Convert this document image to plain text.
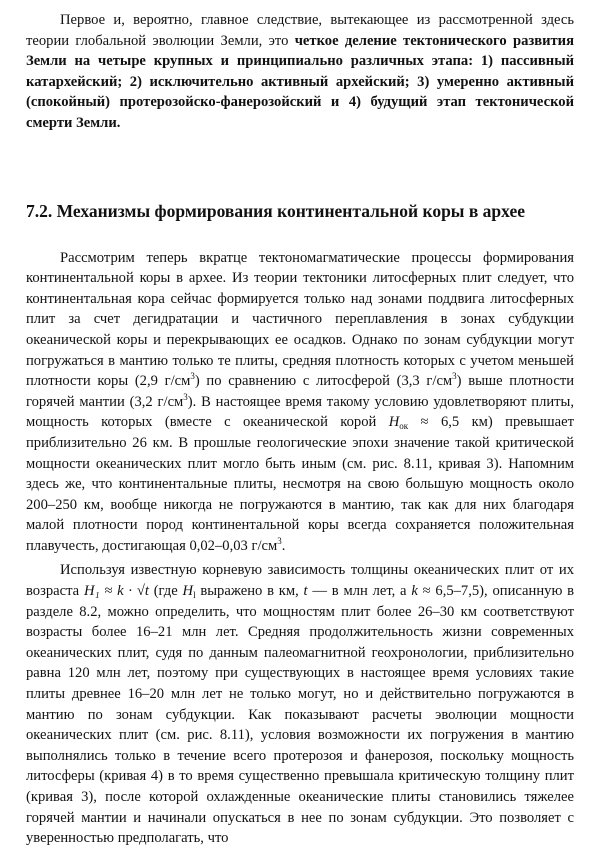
Первое и, вероятно, главное следствие, вытекающее из рассмотренной здесь теории глобальной эволюции Земли, это четкое деление тектонического развития Земли на четыре крупных и принципиально различных этапа: 1) пассивный катархейский; 2) исключительно активный архейский; 3) умеренно активный (спокойный) протерозойско-фанерозойский и 4) будущий этап тектонической смерти Земли.

7.2. Механизмы формирования континентальной коры в архее

Рассмотрим теперь вкратце тектономагматические процессы формирования континентальной коры в архее. Из теории тектоники литосферных плит следует, что континентальная кора сейчас формируется только над зонами поддвига литосферных плит за счет дегидратации и частичного переплавления в зонах субдукции океанической коры и перекрывающих ее осадков. Однако по зонам субдукции могут погружаться в мантию только те плиты, средняя плотность которых с учетом меньшей плотности коры (2,9 $г/см^3$) по сравнению с литосферой (3,3 $г/см^3$) выше плотности горячей мантии (3,2 $г/см^3$). В настоящее время такому условию удовлетворяют плиты, мощность которых (вместе с океанической корой $H_{ок} \approx 6,5$ км) превышает приблизительно 26 км. В прошлые геологические эпохи значение такой критической мощности океанических плит могло быть иным (см. рис. 8.11, кривая 3). Напомним здесь же, что континентальные плиты, несмотря на свою большую мощность около 200–250 км, вообще никогда не погружаются в мантию, так как для них благодаря малой плотности пород континентальной коры всегда сохраняется положительная плавучесть, достигающая 0,02–0,03 $г/см^3$.

Используя известную корневую зависимость толщины океанических плит от их возраста H₁ ≈ k · √t (где $H_l$ выражено в км, t — в млн лет, а k ≈ 6,5–7,5), описанную в разделе 8.2, можно определить, что мощностям плит более 26–30 км соответствуют возрасты более 16–21 млн лет. Средняя продолжительность жизни современных океанических плит, судя по данным палеомагнитной геохронологии, приблизительно равна 120 млн лет, поэтому при существующих в настоящее время условиях такие плиты древнее 16–20 млн лет не только могут, но и действительно погружаются в мантию по зонам субдукции. Как показывают расчеты эволюции мощности океанических плит (см. рис. 8.11), условия возможности их погружения в мантию выполнялись только в течение всего протерозоя и фанерозоя, поскольку мощность литосферы (кривая 4) в то время существенно превышала критическую толщину плит (кривая 3), после которой охлажденные океанические плиты становились тяжелее горячей мантии и начинали опускаться в нее по зонам субдукции. Это позволяет с уверенностью предполагать, что
